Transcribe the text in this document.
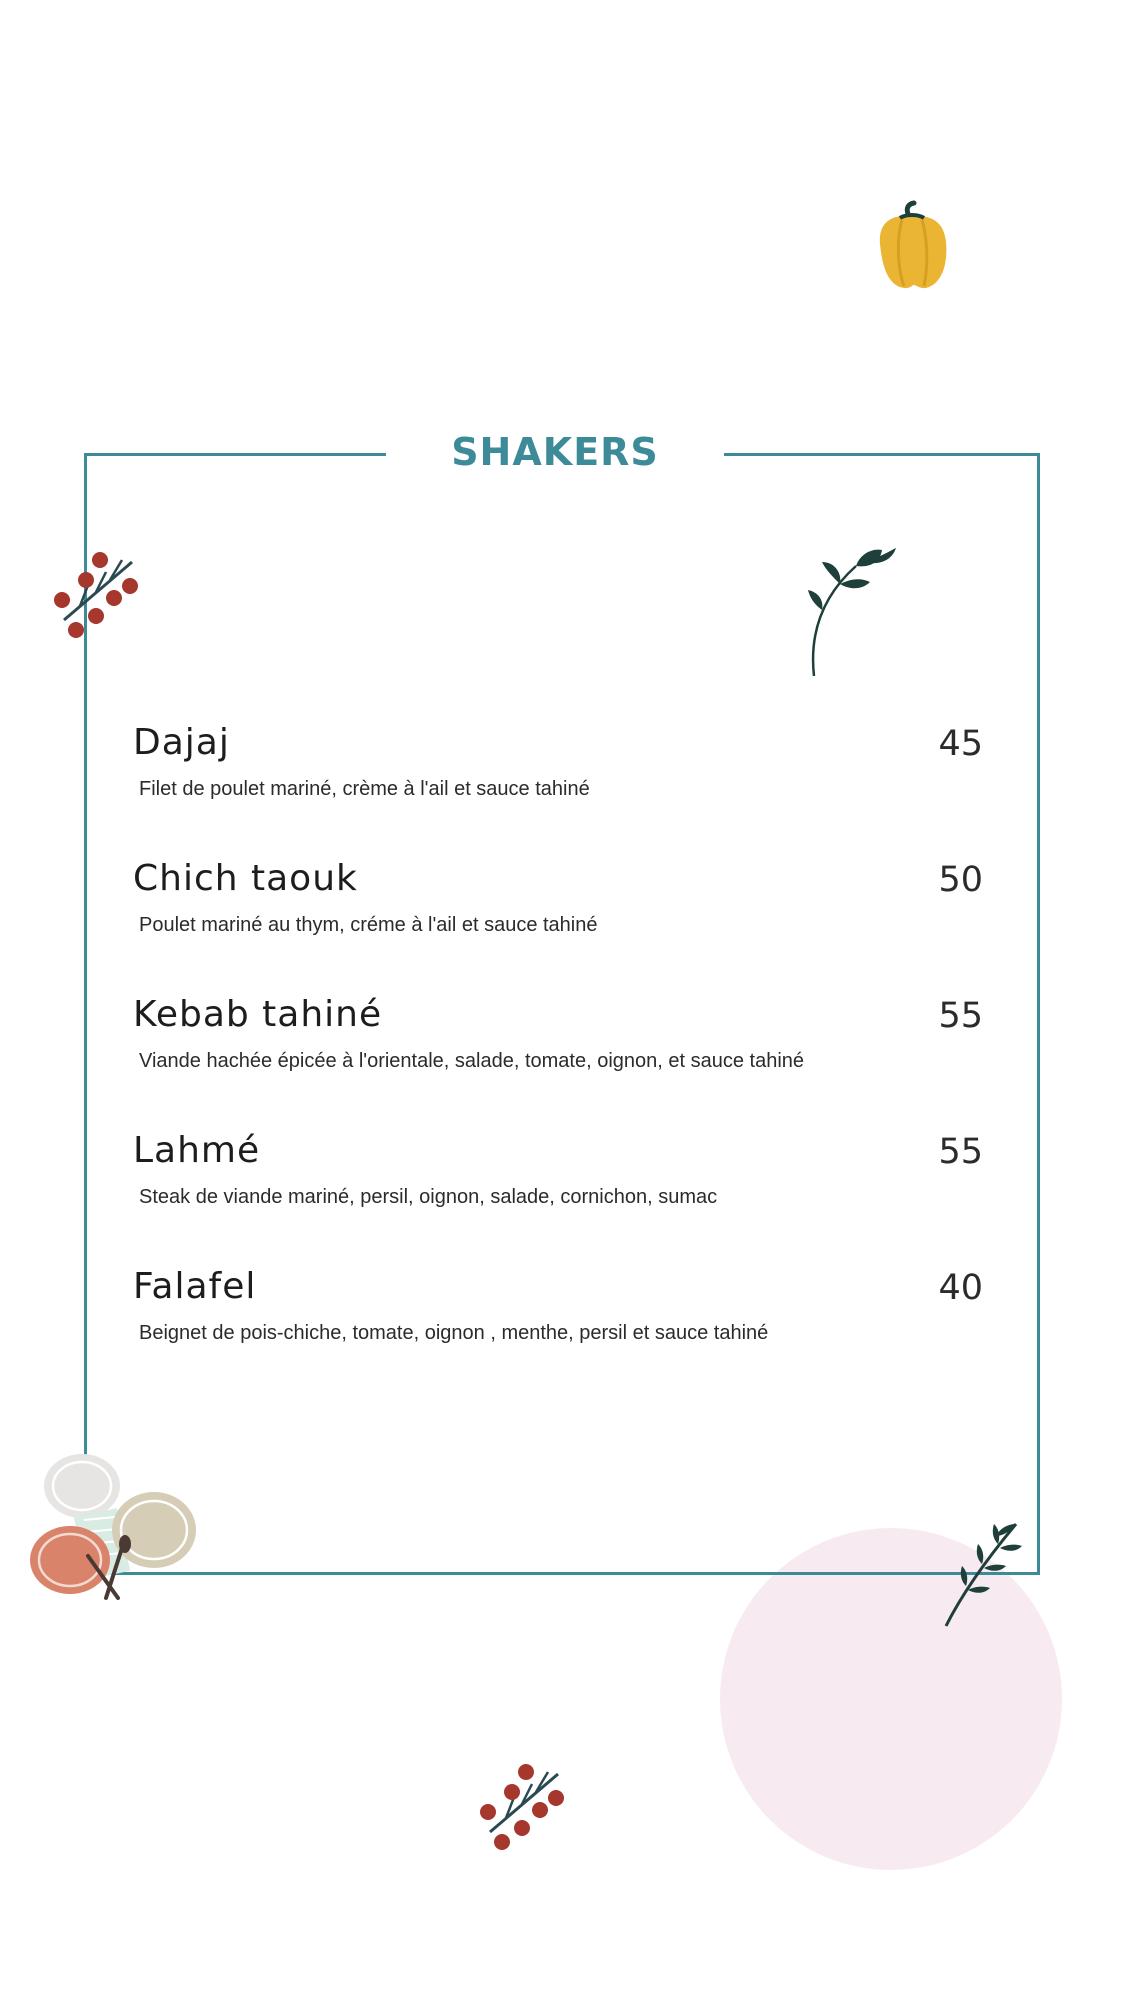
SHAKERS
Dajaj	45
Filet de poulet mariné, crème à l'ail et sauce tahiné
Chich taouk	50
Poulet mariné au thym, créme à l'ail et sauce tahiné
Kebab tahiné	55
Viande hachée épicée à l'orientale, salade, tomate, oignon, et sauce tahiné
Lahmé	55
Steak de viande mariné, persil, oignon, salade, cornichon, sumac
Falafel	40
Beignet de pois-chiche, tomate, oignon , menthe, persil et sauce tahiné
